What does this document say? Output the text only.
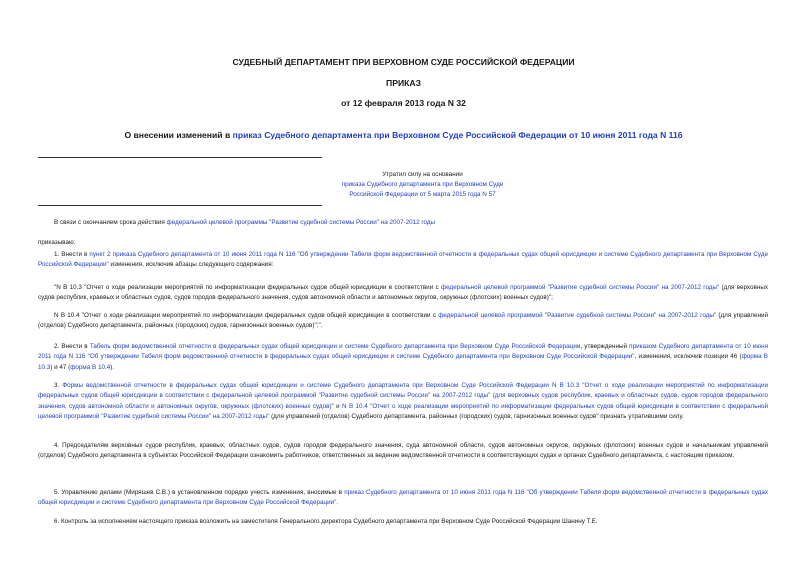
СУДЕБНЫЙ ДЕПАРТАМЕНТ ПРИ ВЕРХОВНОМ СУДЕ РОССИЙСКОЙ ФЕДЕРАЦИИ
ПРИКАЗ
от 12 февраля 2013 года N 32
О внесении изменений в приказ Судебного департамента при Верховном Суде Российской Федерации от 10 июня 2011 года N 116
Утратил силу на основании
приказа Судебного департамента при Верховном Суде
Российской Федерации от 5 марта 2015 года N 57
В связи с окончанием срока действия федеральной целевой программы "Развитие судебной системы России" на 2007-2012 годы
приказываю:
1. Внести в пункт 2 приказа Судебного департамента от 10 июня 2011 года N 116 "Об утверждении Табеля форм ведомственной отчетности в федеральных судах общей юрисдикции и системе Судебного департамента при Верховном Суде Российской Федерации" изменения, исключив абзацы следующего содержания:
"N В 10.3 "Отчет о ходе реализации мероприятий по информатизации федеральных судов общей юрисдикции в соответствии с федеральной целевой программой "Развитие судебной системы России" на 2007-2012 годы" (для верховных судов республик, краевых и областных судов, судов городов федерального значения, судов автономной области и автономных округов, окружных (флотских) военных судов)";
N В 10.4 "Отчет о ходе реализации мероприятий по информатизации федеральных судов общей юрисдикции в соответствии с федеральной целевой программой "Развитие судебной системы России" на 2007-2012 годы" (для управлений (отделов) Судебного департамента, районных (городских) судов, гарнизонных военных судов)";".
2. Внести в Табель форм ведомственной отчетности в федеральных судах общей юрисдикции и системе Судебного департамента при Верховном Суде Российской Федерации, утвержденный приказом Судебного департамента от 10 июня 2011 года N 116 "Об утверждении Табеля форм ведомственной отчетности в федеральных судах общей юрисдикции и системе Судебного департамента при Верховном Суде Российской Федерации", изменения, исключив позиции 46 (форма В 10.3) и 47 (форма В 10.4).
3. Формы ведомственной отчетности в федеральных судах общей юрисдикции и системе Судебного департамента при Верховном Суде Российской Федерации N В 10.3 "Отчет о ходе реализации мероприятий по информатизации федеральных судов общей юрисдикции в соответствии с федеральной целевой программой "Развитие судебной системы России" на 2007-2012 годы" (для верховных судов республик, краевых и областных судов, судов городов федерального значения, судов автономной области и автономных округов, окружных (флотских) военных судов)" и N В 10.4 "Отчет о ходе реализации мероприятий по информатизации федеральных судов общей юрисдикции в соответствии с федеральной целевой программой "Развитие судебной системы России" на 2007-2012 годы" (для управлений (отделов) Судебного департамента, районных (городских) судов, гарнизонных военных судов" признать утратившими силу.
4. Председателям верховных судов республик, краевых, областных судов, судов городов федерального значения, суда автономной области, судов автономных округов, окружных (флотских) военных судов и начальникам управлений (отделов) Судебного департамента в субъектах Российской Федерации ознакомить работников, ответственных за ведение ведомственной отчетности в соответствующих судах и органах Судебного департамента, с настоящим приказом.
5. Управлению делами (Миряшев С.В.) в установленном порядке учесть изменения, вносимые в приказ Судебного департамента от 10 июня 2011 года N 116 "Об утверждении Табеля форм ведомственной отчетности в федеральных судах общей юрисдикции и системе Судебного департамента при Верховном Суде Российской Федерации".
6. Контроль за исполнением настоящего приказа возложить на заместителя Генерального директора Судебного департамента при Верховном Суде Российской Федерации Шанину Т.Е.
